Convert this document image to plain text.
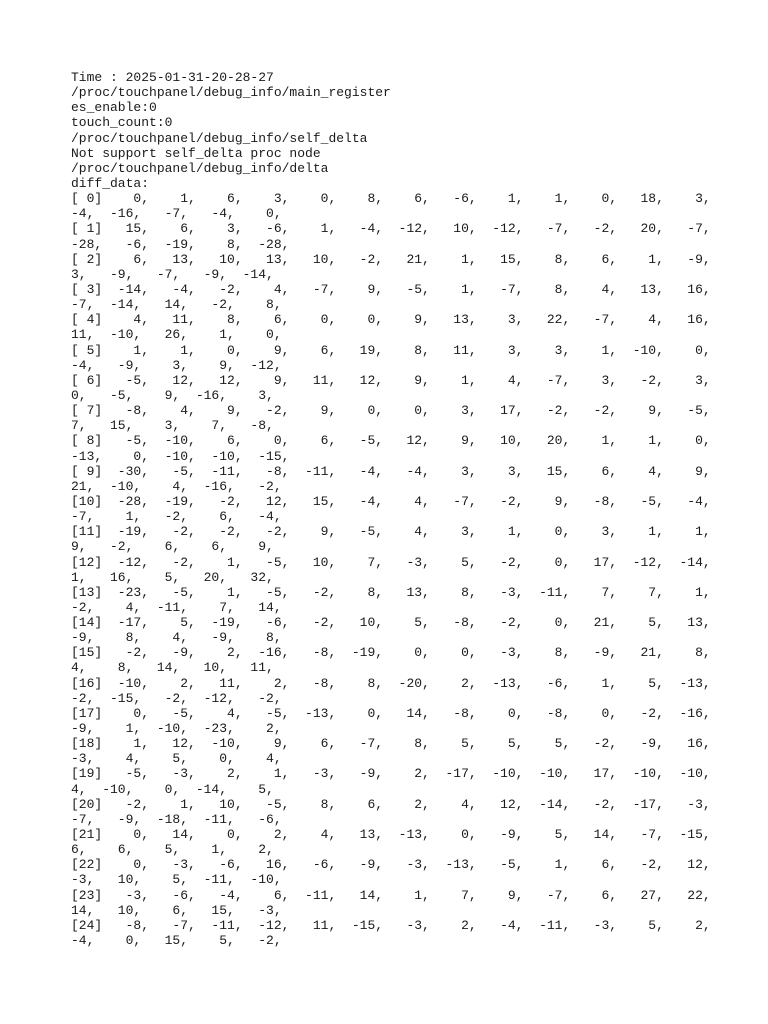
Time : 2025-01-31-20-28-27
/proc/touchpanel/debug_info/main_register
es_enable:0
touch_count:0
/proc/touchpanel/debug_info/self_delta
Not support self_delta proc node
/proc/touchpanel/debug_info/delta
diff_data:
[ 0]    0,    1,    6,    3,    0,    8,    6,   -6,    1,    1,    0,   18,    3,
-4,  -16,   -7,   -4,    0,
[ 1]   15,    6,    3,   -6,    1,   -4,  -12,   10,  -12,   -7,   -2,   20,   -7,
-28,   -6,  -19,    8,  -28,
[ 2]    6,   13,   10,   13,   10,   -2,   21,    1,   15,    8,    6,    1,   -9,
3,   -9,   -7,   -9,  -14,
[ 3]  -14,   -4,   -2,    4,   -7,    9,   -5,    1,   -7,    8,    4,   13,   16,
-7,  -14,   14,   -2,    8,
[ 4]    4,   11,    8,    6,    0,    0,    9,   13,    3,   22,   -7,    4,   16,
11,  -10,   26,    1,    0,
[ 5]    1,    1,    0,    9,    6,   19,    8,   11,    3,    3,    1,  -10,    0,
-4,   -9,    3,    9,  -12,
[ 6]   -5,   12,   12,    9,   11,   12,    9,    1,    4,   -7,    3,   -2,    3,
0,   -5,    9,  -16,    3,
[ 7]   -8,    4,    9,   -2,    9,    0,    0,    3,   17,   -2,   -2,    9,   -5,
7,   15,    3,    7,   -8,
[ 8]   -5,  -10,    6,    0,    6,   -5,   12,    9,   10,   20,    1,    1,    0,
-13,    0,  -10,  -10,  -15,
[ 9]  -30,   -5,  -11,   -8,  -11,   -4,   -4,    3,    3,   15,    6,    4,    9,
21,  -10,    4,  -16,   -2,
[10]  -28,  -19,   -2,   12,   15,   -4,    4,   -7,   -2,    9,   -8,   -5,   -4,
-7,    1,   -2,    6,   -4,
[11]  -19,   -2,   -2,   -2,    9,   -5,    4,    3,    1,    0,    3,    1,    1,
9,   -2,    6,    6,    9,
[12]  -12,   -2,    1,   -5,   10,    7,   -3,    5,   -2,    0,   17,  -12,  -14,
1,   16,    5,   20,   32,
[13]  -23,   -5,    1,   -5,   -2,    8,   13,    8,   -3,  -11,    7,    7,    1,
-2,    4,  -11,    7,   14,
[14]  -17,    5,  -19,   -6,   -2,   10,    5,   -8,   -2,    0,   21,    5,   13,
-9,    8,    4,   -9,    8,
[15]   -2,   -9,    2,  -16,   -8,  -19,    0,    0,   -3,    8,   -9,   21,    8,
4,    8,   14,   10,   11,
[16]  -10,    2,   11,    2,   -8,    8,  -20,    2,  -13,   -6,    1,    5,  -13,
-2,  -15,   -2,  -12,   -2,
[17]    0,   -5,    4,   -5,  -13,    0,   14,   -8,    0,   -8,    0,   -2,  -16,
-9,    1,  -10,  -23,    2,
[18]    1,   12,  -10,    9,    6,   -7,    8,    5,    5,    5,   -2,   -9,   16,
-3,    4,    5,    0,    4,
[19]   -5,   -3,    2,    1,   -3,   -9,    2,  -17,  -10,  -10,   17,  -10,  -10,
4,  -10,    0,  -14,    5,
[20]   -2,    1,   10,   -5,    8,    6,    2,    4,   12,  -14,   -2,  -17,   -3,
-7,   -9,  -18,  -11,   -6,
[21]    0,   14,    0,    2,    4,   13,  -13,    0,   -9,    5,   14,   -7,  -15,
6,    6,    5,    1,    2,
[22]    0,   -3,   -6,   16,   -6,   -9,   -3,  -13,   -5,    1,    6,   -2,   12,
-3,   10,    5,  -11,  -10,
[23]   -3,   -6,   -4,    6,  -11,   14,    1,    7,    9,   -7,    6,   27,   22,
14,   10,    6,   15,   -3,
[24]   -8,   -7,  -11,  -12,   11,  -15,   -3,    2,   -4,  -11,   -3,    5,    2,
-4,    0,   15,    5,   -2,
